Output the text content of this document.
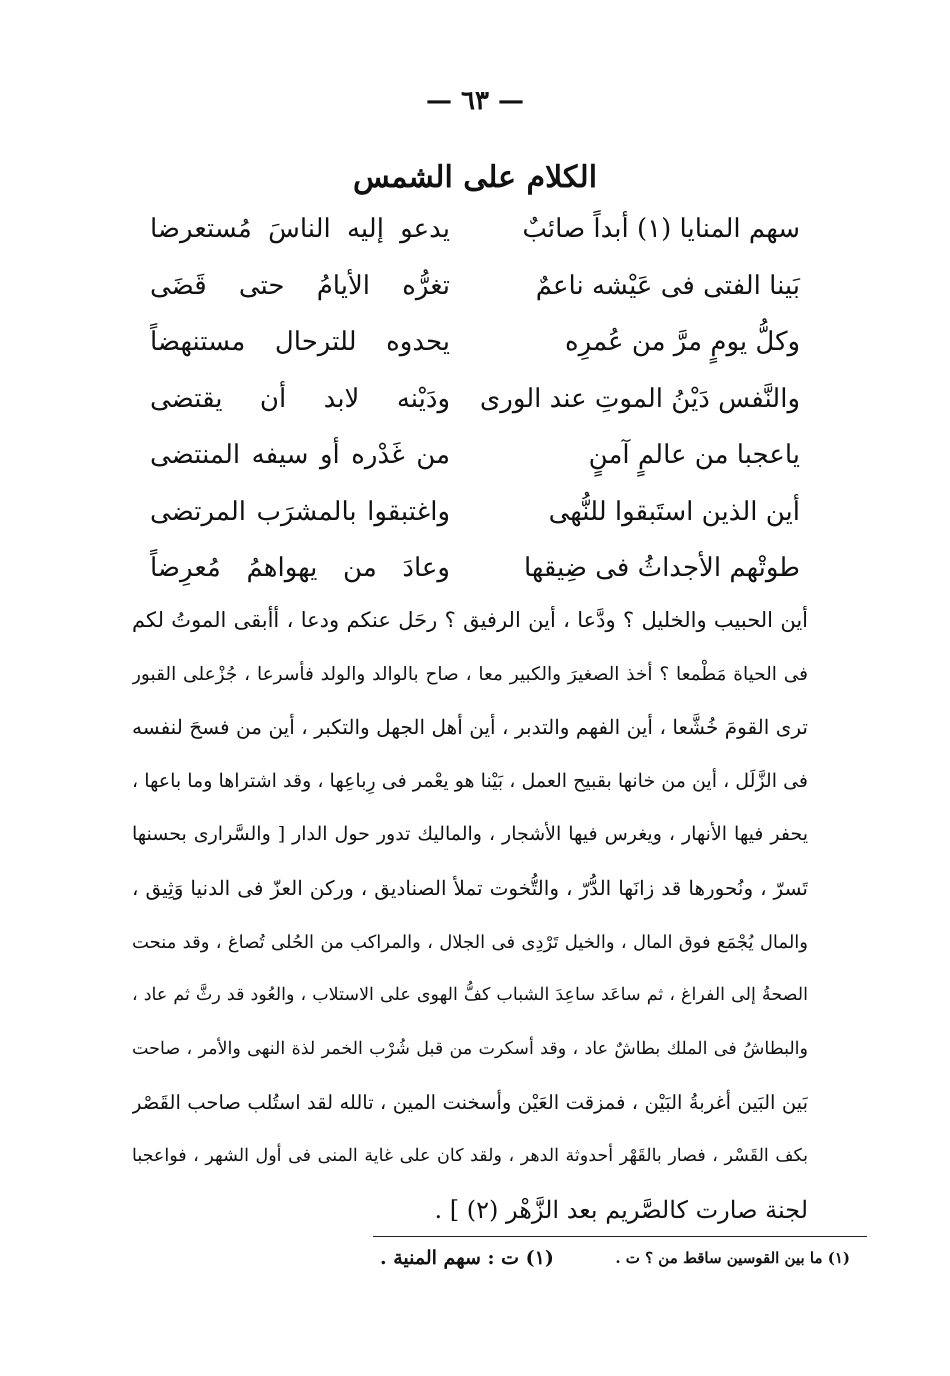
— ٦٣ —
الكلام على الشمس
سهم المنايا (١) أبداً صائبٌ
يدعو إليه الناسَ مُستعرضا
بَينا الفتى فى عَيْشه ناعمٌ
تغرُّه الأيامُ حتى قَضَى
وكلُّ يومٍ مرَّ من عُمرِه
يحدوه للترحال مستنهضاً
والنَّفس دَيْنُ الموتِ عند الورى
ودَيْنه لابد أن يقتضى
ياعجبا من عالمٍ آمنٍ
من غَدْره أو سيفه المنتضى
أين الذين استَبقوا للنُّهى
واغتبقوا بالمشرَب المرتضى
طوتْهم الأجداثُ فى ضِيقها
وعادَ من يهواهمُ مُعرِضاً
أين الحبيب والخليل ؟ ودَّعا ، أين الرفيق ؟ رحَل عنكم ودعا ، أأبقى الموتُ لكم
فى الحياة مَطْمعا ؟ أخذ الصغيرَ والكبير معا ، صاح بالوالد والولد فأسرعا ، جُزْعلى القبور
ترى القومَ خُشَّعا ، أين الفهم والتدبر ، أين أهل الجهل والتكبر ، أين من فسحَ لنفسه
فى الزَّلَل ، أين من خانها بقبيح العمل ، بَيْنا هو يعْمر فى رِباعِها ، وقد اشتراها وما باعها ،
يحفر فيها الأنهار ، ويغرس فيها الأشجار ، والماليك تدور حول الدار [ والسَّرارى بحسنها
تَسرّ ، ونُحورها قد زانَها الدُّرّ ، والتُّخوت تملأ الصناديق ، وركن العزّ فى الدنيا وَثِيق ،
والمال يُجْمَع فوق المال ، والخيل تَرْدِى فى الجلال ، والمراكب من الحُلى تُصاغ ، وقد منحت
الصحةُ إلى الفراغ ، ثم ساعَد ساعِدَ الشباب كفُّ الهوى على الاستلاب ، والعُود قد رثَّ ثم عاد ،
والبطاشُ فى الملك بطاشٌ عاد ، وقد أسكرت من قبل شُرْب الخمر لذة النهى والأمر ، صاحت
بَين البَين أغربةُ البَيْن ، فمزقت العَيْن وأسخنت المين ، تالله لقد استُلب صاحب القَصْر
بكف القَسْر ، فصار بالقَهْر أحدوثة الدهر ، ولقد كان على غاية المنى فى أول الشهر ، فواعجبا
لجنة صارت كالصَّريم بعد الزَّهْر (٢) ] .
(١) ما بين القوسين ساقط من ؟ ت .
(١) ت : سهم المنية .
